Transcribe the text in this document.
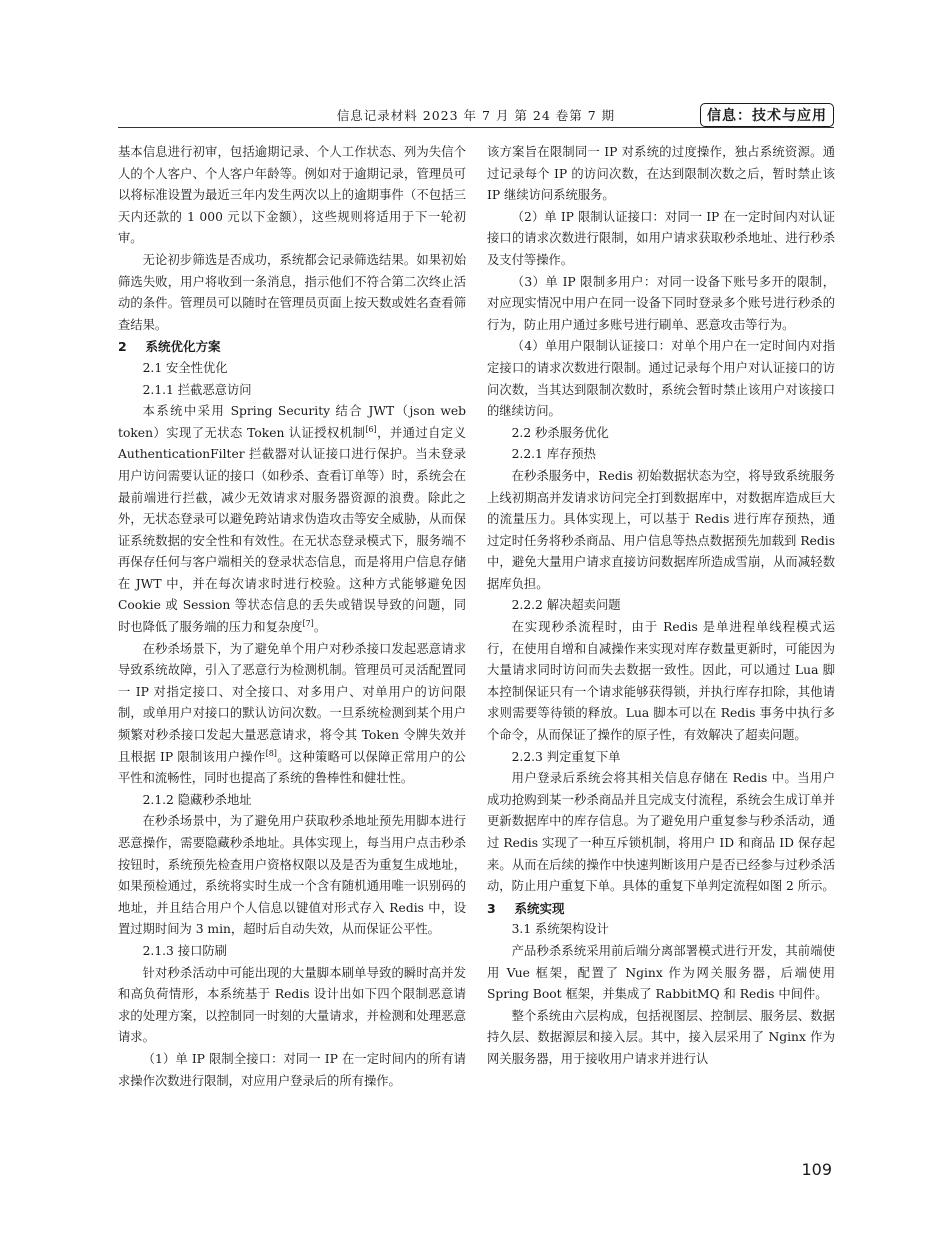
信息记录材料 2023 年 7 月 第 24 卷第 7 期	信息：技术与应用

基本信息进行初审，包括逾期记录、个人工作状态、列为失信个人的个人客户、个人客户年龄等。例如对于逾期记录，管理员可以将标准设置为最近三年内发生两次以上的逾期事件（不包括三天内还款的 1 000 元以下金额），这些规则将适用于下一轮初审。

无论初步筛选是否成功，系统都会记录筛选结果。如果初始筛选失败，用户将收到一条消息，指示他们不符合第二次终止活动的条件。管理员可以随时在管理员页面上按天数或姓名查看筛查结果。

2 系统优化方案

2.1 安全性优化

2.1.1 拦截恶意访问

本系统中采用 Spring Security 结合 JWT（json web token）实现了无状态 Token 认证授权机制[6]，并通过自定义 AuthenticationFilter 拦截器对认证接口进行保护。当未登录用户访问需要认证的接口（如秒杀、查看订单等）时，系统会在最前端进行拦截，减少无效请求对服务器资源的浪费。除此之外，无状态登录可以避免跨站请求伪造攻击等安全威胁，从而保证系统数据的安全性和有效性。在无状态登录模式下，服务端不再保存任何与客户端相关的登录状态信息，而是将用户信息存储在 JWT 中，并在每次请求时进行校验。这种方式能够避免因 Cookie 或 Session 等状态信息的丢失或错误导致的问题，同时也降低了服务端的压力和复杂度[7]。

在秒杀场景下，为了避免单个用户对秒杀接口发起恶意请求导致系统故障，引入了恶意行为检测机制。管理员可灵活配置同一 IP 对指定接口、对全接口、对多用户、对单用户的访问限制，或单用户对接口的默认访问次数。一旦系统检测到某个用户频繁对秒杀接口发起大量恶意请求，将令其 Token 令牌失效并且根据 IP 限制该用户操作[8]。这种策略可以保障正常用户的公平性和流畅性，同时也提高了系统的鲁棒性和健壮性。

2.1.2 隐藏秒杀地址

在秒杀场景中，为了避免用户获取秒杀地址预先用脚本进行恶意操作，需要隐藏秒杀地址。具体实现上，每当用户点击秒杀按钮时，系统预先检查用户资格权限以及是否为重复生成地址，如果预检通过，系统将实时生成一个含有随机通用唯一识别码的地址，并且结合用户个人信息以键值对形式存入 Redis 中，设置过期时间为 3 min，超时后自动失效，从而保证公平性。

2.1.3 接口防刷

针对秒杀活动中可能出现的大量脚本刷单导致的瞬时高并发和高负荷情形，本系统基于 Redis 设计出如下四个限制恶意请求的处理方案，以控制同一时刻的大量请求，并检测和处理恶意请求。

（1）单 IP 限制全接口：对同一 IP 在一定时间内的所有请求操作次数进行限制，对应用户登录后的所有操作。

该方案旨在限制同一 IP 对系统的过度操作，独占系统资源。通过记录每个 IP 的访问次数，在达到限制次数之后，暂时禁止该 IP 继续访问系统服务。

（2）单 IP 限制认证接口：对同一 IP 在一定时间内对认证接口的请求次数进行限制，如用户请求获取秒杀地址、进行秒杀及支付等操作。

（3）单 IP 限制多用户：对同一设备下账号多开的限制，对应现实情况中用户在同一设备下同时登录多个账号进行秒杀的行为，防止用户通过多账号进行刷单、恶意攻击等行为。

（4）单用户限制认证接口：对单个用户在一定时间内对指定接口的请求次数进行限制。通过记录每个用户对认证接口的访问次数，当其达到限制次数时，系统会暂时禁止该用户对该接口的继续访问。

2.2 秒杀服务优化

2.2.1 库存预热

在秒杀服务中，Redis 初始数据状态为空，将导致系统服务上线初期高并发请求访问完全打到数据库中，对数据库造成巨大的流量压力。具体实现上，可以基于 Redis 进行库存预热，通过定时任务将秒杀商品、用户信息等热点数据预先加载到 Redis 中，避免大量用户请求直接访问数据库所造成雪崩，从而减轻数据库负担。

2.2.2 解决超卖问题

在实现秒杀流程时，由于 Redis 是单进程单线程模式运行，在使用自增和自减操作来实现对库存数量更新时，可能因为大量请求同时访问而失去数据一致性。因此，可以通过 Lua 脚本控制保证只有一个请求能够获得锁，并执行库存扣除，其他请求则需要等待锁的释放。Lua 脚本可以在 Redis 事务中执行多个命令，从而保证了操作的原子性，有效解决了超卖问题。

2.2.3 判定重复下单

用户登录后系统会将其相关信息存储在 Redis 中。当用户成功抢购到某一秒杀商品并且完成支付流程，系统会生成订单并更新数据库中的库存信息。为了避免用户重复参与秒杀活动，通过 Redis 实现了一种互斥锁机制，将用户 ID 和商品 ID 保存起来。从而在后续的操作中快速判断该用户是否已经参与过秒杀活动，防止用户重复下单。具体的重复下单判定流程如图 2 所示。

3 系统实现

3.1 系统架构设计

产品秒杀系统采用前后端分离部署模式进行开发，其前端使用 Vue 框架，配置了 Nginx 作为网关服务器，后端使用 Spring Boot 框架，并集成了 RabbitMQ 和 Redis 中间件。

整个系统由六层构成，包括视图层、控制层、服务层、数据持久层、数据源层和接入层。其中，接入层采用了 Nginx 作为网关服务器，用于接收用户请求并进行认

109
